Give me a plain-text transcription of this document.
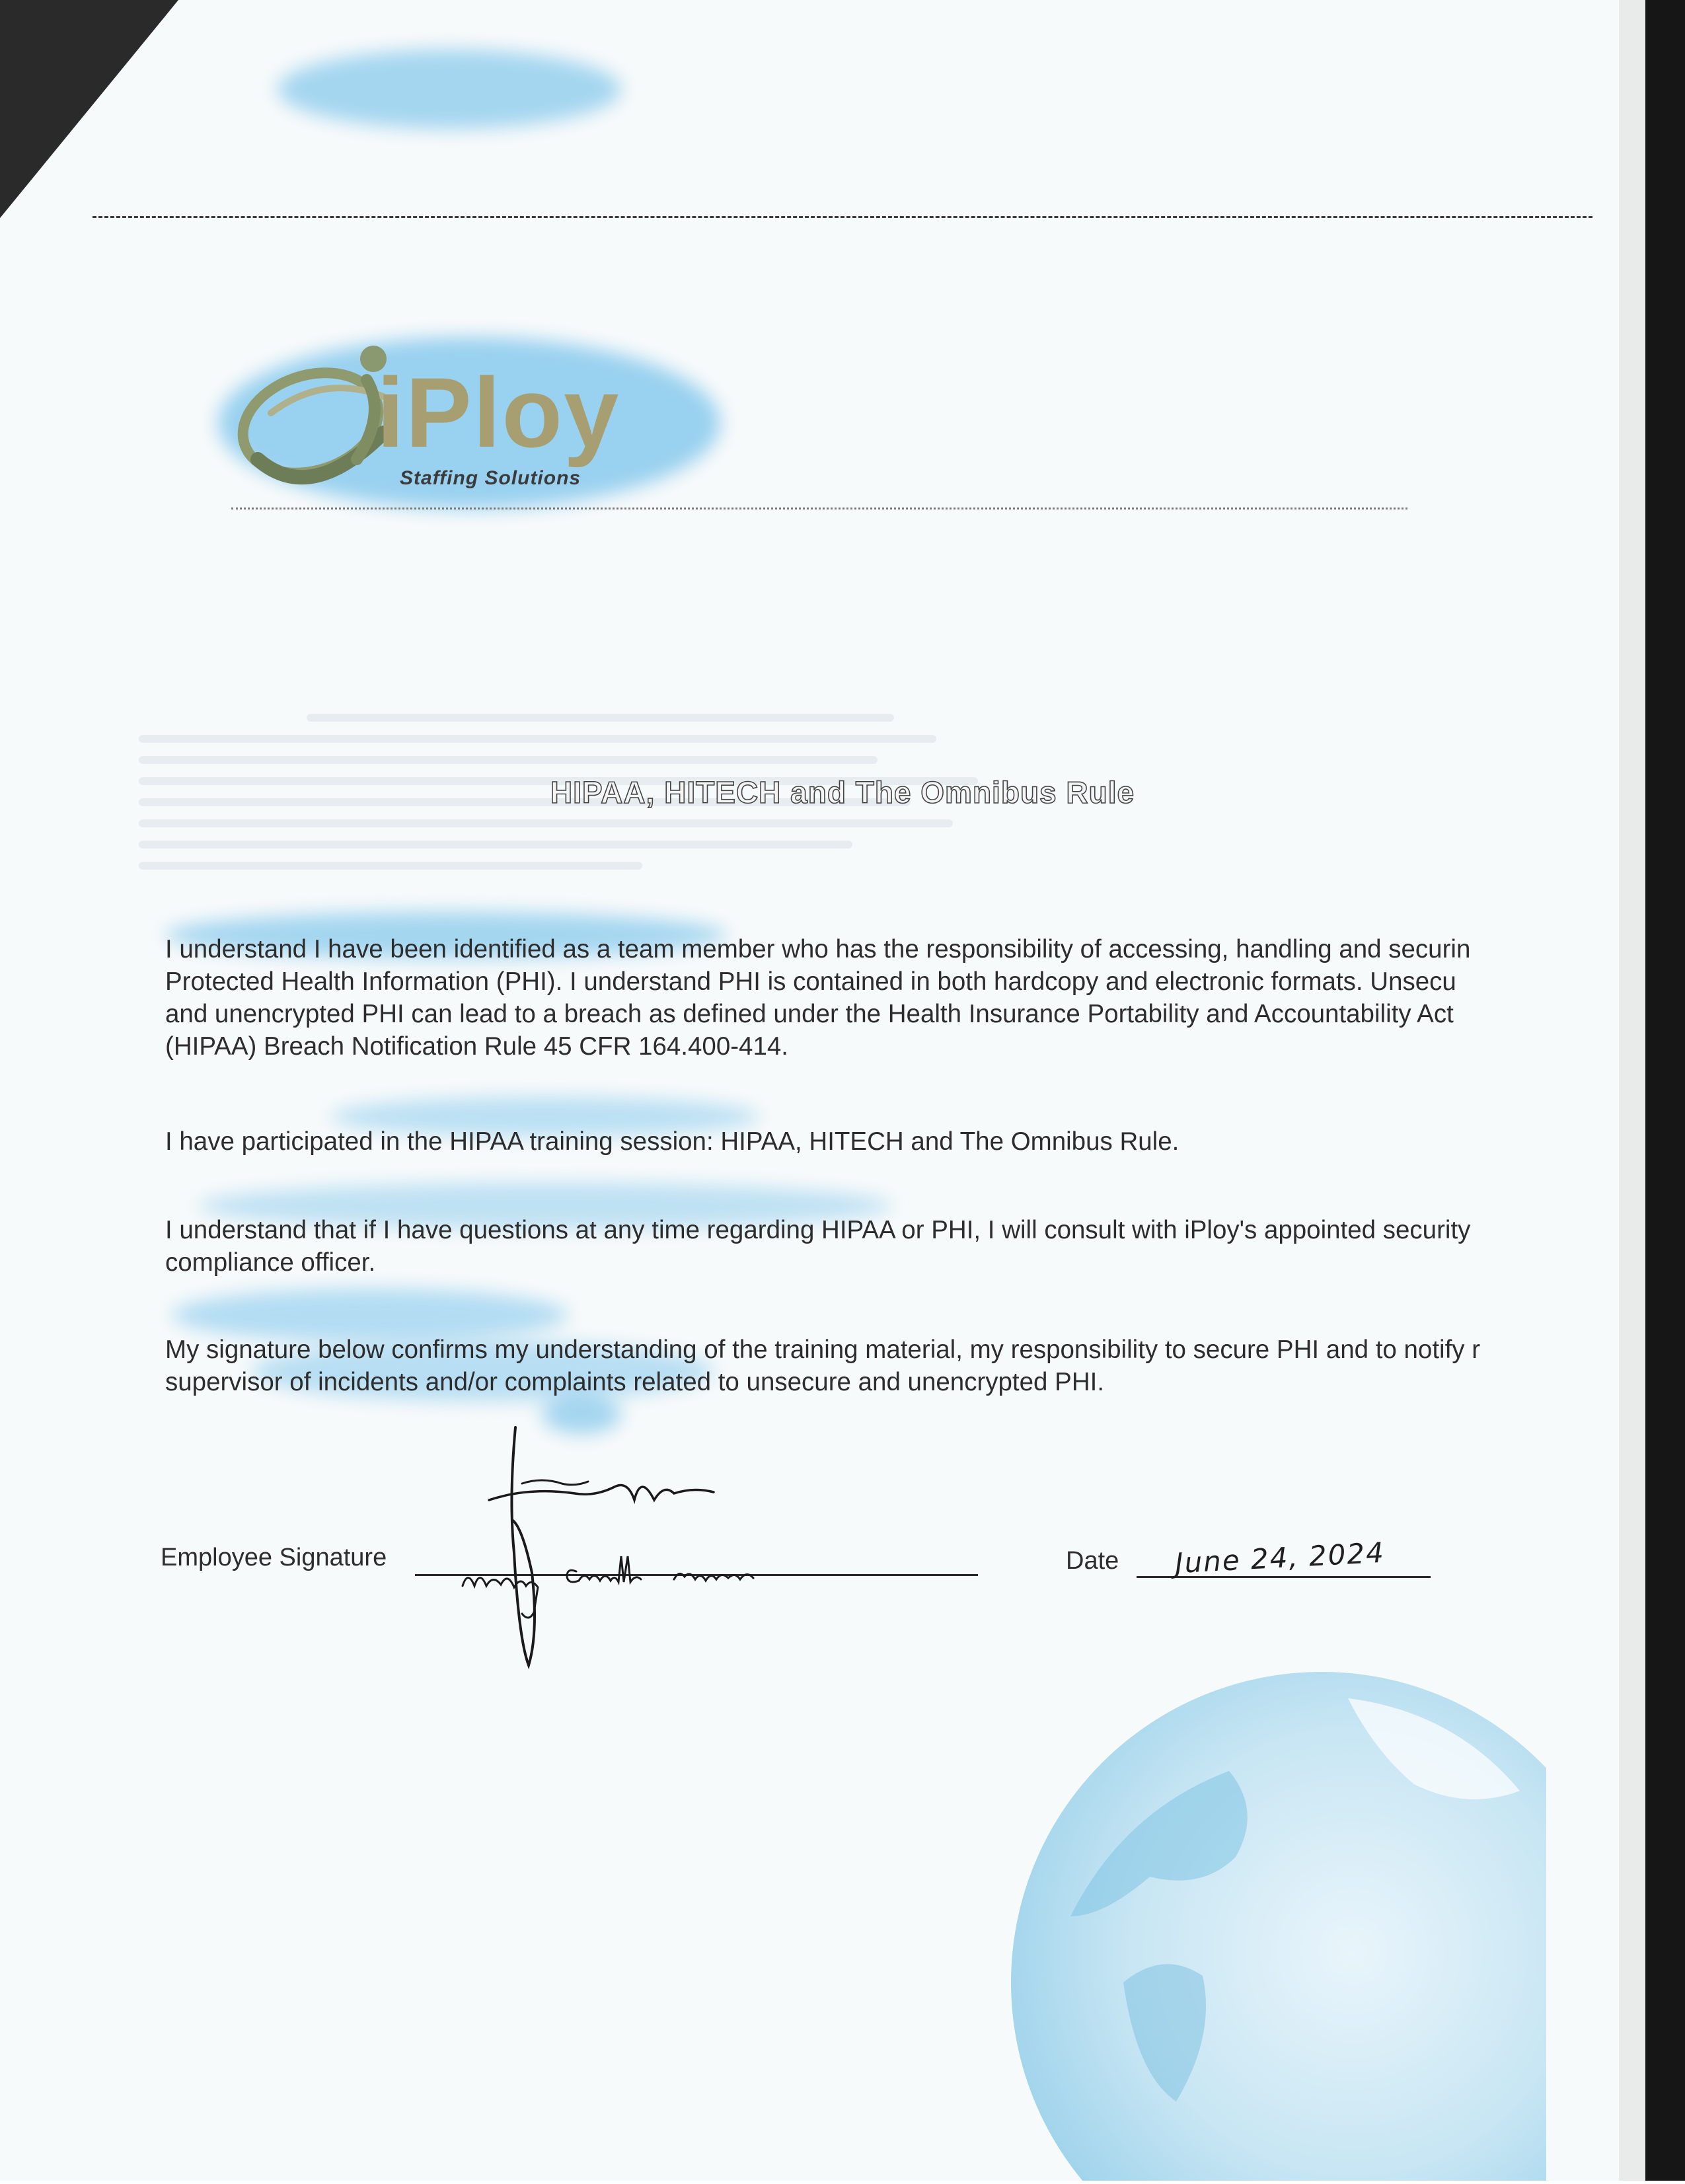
iPloy
Staffing Solutions
HIPAA, HITECH and The Omnibus Rule
I understand I have been identified as a team member who has the responsibility of accessing, handling and securin
Protected Health Information (PHI). I understand PHI is contained in both hardcopy and electronic formats. Unsecu
and unencrypted PHI can lead to a breach as defined under the Health Insurance Portability and Accountability Act
(HIPAA) Breach Notification Rule 45 CFR 164.400-414.
I have participated in the HIPAA training session: HIPAA, HITECH and The Omnibus Rule.
I understand that if I have questions at any time regarding HIPAA or PHI, I will consult with iPloy's appointed security
compliance officer.
My signature below confirms my understanding of the training material, my responsibility to secure PHI and to notify r
supervisor of incidents and/or complaints related to unsecure and unencrypted PHI.
Employee Signature	Date June 24, 2024
